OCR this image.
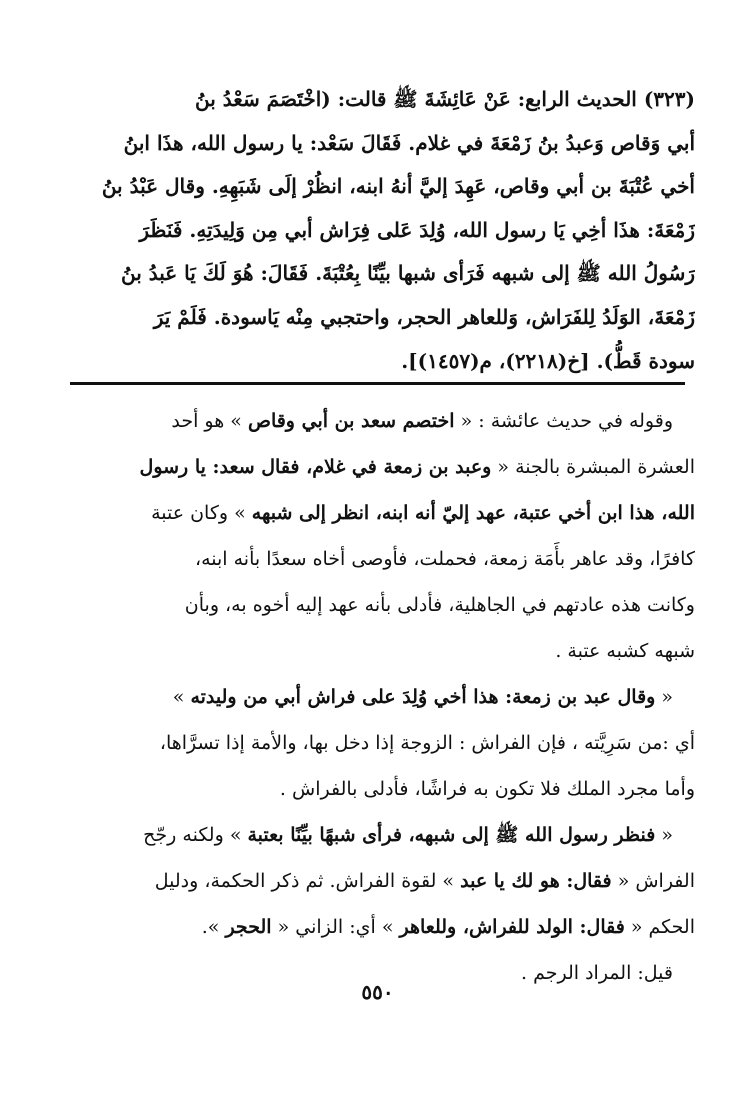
(٣٢٣) الحديث الرابع: عَنْ عَائِشَةَ ﷺ قالت: (اخْتَصَمَ سَعْدُ بنُ
أبي وَقاص وَعبدُ بنُ زَمْعَةَ في غلام. فَقَالَ سَعْد: يا رسول الله، هذَا ابنُ
أخي عُتْبَةَ بن أبي وقاص، عَهِدَ إليَّ أنهُ ابنه، انظُرْ إلَى شَبَهِهِ. وقال عَبْدُ بنُ
زَمْعَةَ: هذَا أخِي يَا رسول الله، وُلِدَ عَلى فِرَاش أبي مِن وَلِيدَتِهِ. فَنَظَرَ
رَسُولُ الله ﷺ إلى شبهه فَرَأى شبها بيِّنًا بِعُتْبَةَ. فَقَالَ: هُوَ لَكَ يَا عَبدُ بنُ
زَمْعَةَ، الوَلَدُ لِلفَرَاش، وَللعاهر الحجر، واحتجبي مِنْه يَاسودة. فَلَمْ يَرَ
سودة قَطُّ). [خ(٢٢١٨)، م(١٤٥٧)].
وقوله في حديث عائشة : « اختصم سعد بن أبي وقاص » هو أحد
العشرة المبشرة بالجنة « وعبد بن زمعة في غلام، فقال سعد: يا رسول
الله، هذا ابن أخي عتبة، عهد إليّ أنه ابنه، انظر إلى شبهه » وكان عتبة
كافرًا، وقد عاهر بأَمَة زمعة، فحملت، فأوصى أخاه سعدًا بأنه ابنه،
وكانت هذه عادتهم في الجاهلية، فأدلى بأنه عهد إليه أخوه به، وبأن
شبهه كشبه عتبة .
« وقال عبد بن زمعة: هذا أخي وُلِدَ على فراش أبي من وليدته »
أي :من سَرِيَّته ، فإن الفراش : الزوجة إذا دخل بها، والأمة إذا تسرَّاها،
وأما مجرد الملك فلا تكون به فراشًا، فأدلى بالفراش .
« فنظر رسول الله ﷺ إلى شبهه، فرأى شبهًا بيِّنًا بعتبة » ولكنه رجّح
الفراش « فقال: هو لك يا عبد » لقوة الفراش. ثم ذكر الحكمة، ودليل
الحكم « فقال: الولد للفراش، وللعاهر » أي: الزاني « الحجر ».
قيل: المراد الرجم .
٥٥٠
